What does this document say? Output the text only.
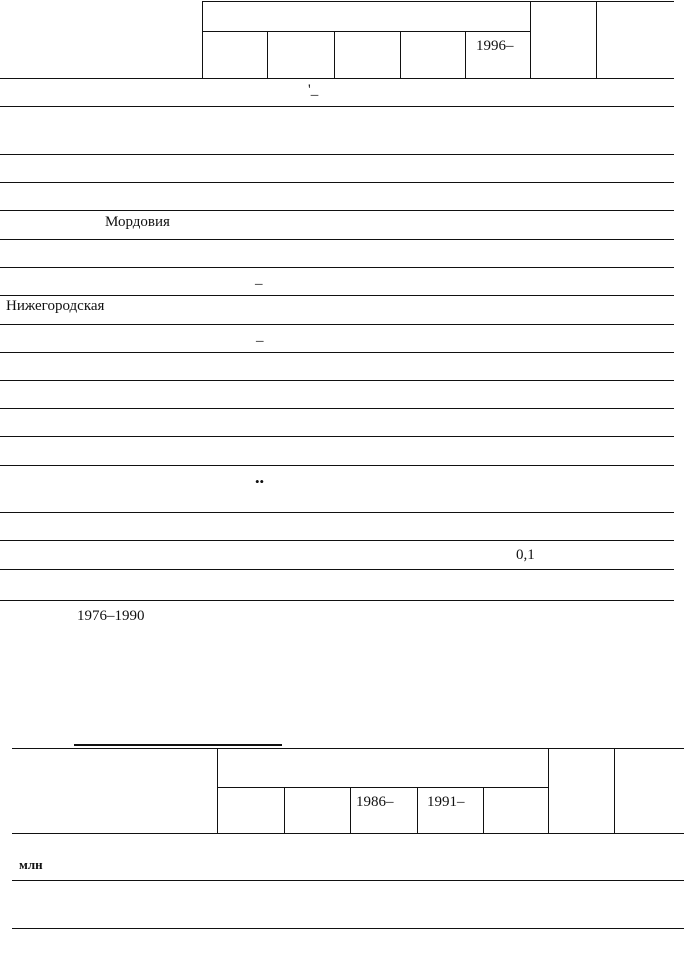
1996–
'_
Мордовия
–
Нижегородская
–
••
0,1
1976–1990
1986– 1991–
млн
